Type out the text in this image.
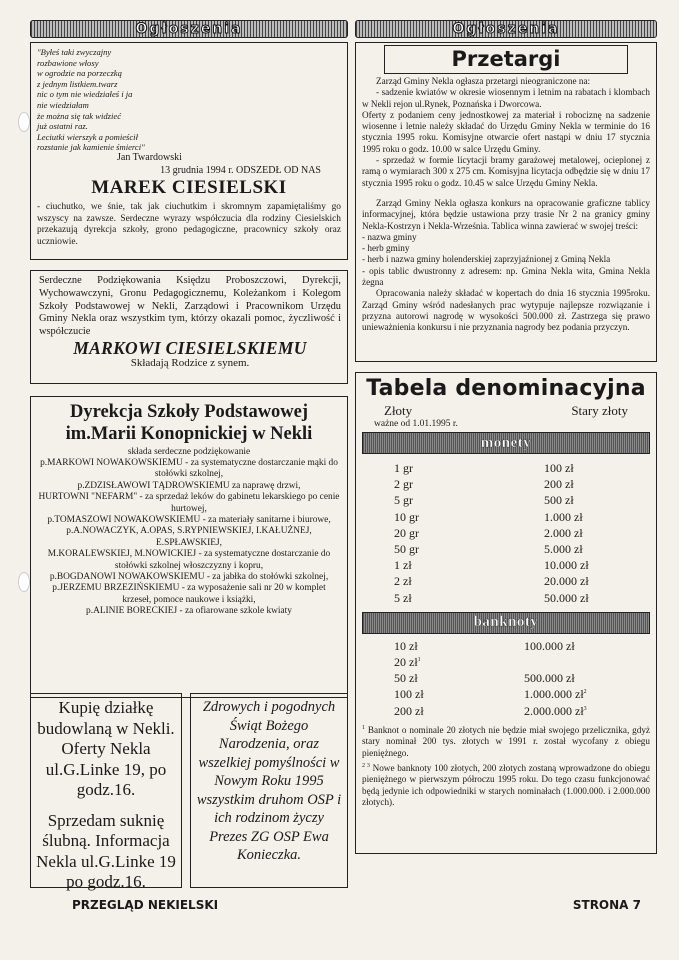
Ogłoszenia
"Byłeś taki zwyczajny
rozbawione włosy
w ogrodzie na porzeczką
z jednym listkiem.twarz
nic o tym nie wiedziałeś i ja
nie wiedziałam
że można się tak widzieć
już ostatni raz.
Leciutki wierszyk a pomieścił
rozstanie jak kamienie śmierci"
Jan Twardowski
13 grudnia 1994 r. ODSZEDŁ OD NAS
MAREK CIESIELSKI
- ciuchutko, we śnie, tak jak ciuchutkim i skromnym zapamiętaliśmy go wszyscy na zawsze. Serdeczne wyrazy współczucia dla rodziny Ciesielskich przekazują dyrekcja szkoły, grono pedagogiczne, pracownicy szkoły oraz uczniowie.
Serdeczne Podziękowania Księdzu Proboszczowi, Dyrekcji, Wychowawczyni, Gronu Pedagogicznemu, Koleżankom i Kolegom Szkoły Podstawowej w Nekli, Zarządowi i Pracownikom Urzędu Gminy Nekla oraz wszystkim tym, którzy okazali pomoc, życzliwość i współczucie
MARKOWI CIESIELSKIEMU
Składają Rodzice z synem.
Dyrekcja Szkoły Podstawowej
im.Marii Konopnickiej w Nekli
składa serdeczne podziękowanie
p.MARKOWI NOWAKOWSKIEMU - za systematyczne dostarczanie mąki do stołówki szkolnej,
p.ZDZISŁAWOWI TĄDROWSKIEMU za naprawę drzwi,
HURTOWNI "NEFARM" - za sprzedaż leków do gabinetu lekarskiego po cenie hurtowej,
p.TOMASZOWI NOWAKOWSKIEMU - za materiały sanitarne i biurowe,
p.A.NOWACZYK, A.OPAS, S.RYPNIEWSKIEJ, I.KAŁUŻNEJ, E.SPŁAWSKIEJ,
M.KORALEWSKIEJ, M.NOWICKIEJ - za systematyczne dostarczanie do stołówki szkolnej włoszczyzny i kopru,
p.BOGDANOWI NOWAKOWSKIEMU - za jabłka do stołówki szkolnej,
p.JERZEMU BRZEZIŃSKIEMU - za wyposażenie sali nr 20 w komplet krzeseł, pomoce naukowe i książki,
p.ALINIE BORECKIEJ - za ofiarowane szkole kwiaty

Kupię działkę budowlaną w Nekli. Oferty Nekla ul.G.Linke 19, po godz.16.

Sprzedam suknię ślubną. Informacja Nekla ul.G.Linke 19 po godz.16.

Zdrowych i pogodnych Świąt Bożego Narodzenia, oraz wszelkiej pomyślności w Nowym Roku 1995 wszystkim druhom OSP i ich rodzinom życzy Prezes ZG OSP Ewa Konieczka.

Ogłoszenia
Przetargi

Zarząd Gminy Nekla ogłasza przetargi nieograniczone na:

- sadzenie kwiatów w okresie wiosennym i letnim na rabatach i klombach w Nekli rejon ul.Rynek, Poznańska i Dworcowa.

Oferty z podaniem ceny jednostkowej za materiał i robociznę na sadzenie wiosenne i letnie należy składać do Urzędu Gminy Nekla w terminie do 16 stycznia 1995 roku. Komisyjne otwarcie ofert nastąpi w dniu 17 stycznia 1995 roku o godz. 10.00 w salce Urzędu Gminy.

- sprzedaż w formie licytacji bramy garażowej metalowej, ocieplonej z ramą o wymiarach 300 x 275 cm. Komisyjna licytacja odbędzie się w dniu 17 stycznia 1995 roku o godz. 10.45 w salce Urzędu Gminy Nekla.

Zarząd Gminy Nekla ogłasza konkurs na opracowanie graficzne tablicy informacyjnej, która będzie ustawiona przy trasie Nr 2 na granicy gminy Nekla-Kostrzyn i Nekla-Września. Tablica winna zawierać w swojej treści:

- nazwa gminy

- herb gminy

- herb i nazwa gminy holenderskiej zaprzyjaźnionej z Gminą Nekla

- opis tablic dwustronny z adresem: np. Gmina Nekla wita, Gmina Nekla żegna

Opracowania należy składać w kopertach do dnia 16 stycznia 1995roku. Zarząd Gminy wśród nadesłanych prac wytypuje najlepsze rozwiązanie i przyzna autorowi nagrodę w wysokości 500.000 zł. Zastrzega się prawo unieważnienia konkursu i nie przyznania nagrody bez podania przyczyn.

Tabela denominacyjna
Złoty	Stary złoty
ważne od 1.01.1995 r.
monety
1 gr	100 zł
2 gr	200 zł
5 gr	500 zł
10 gr	1.000 zł
20 gr	2.000 zł
50 gr	5.000 zł
1 zł	10.000 zł
2 zł	20.000 zł
5 zł	50.000 zł
banknoty
10 zł	100.000 zł
20 $zł^1$
50 zł	500.000 zł
100 zł	1.000.000 $zł^2$
200 zł	2.000.000 $zł^3$

$^1$ Banknot o nominale 20 złotych nie będzie miał swojego przelicznika, gdyż stary nominał 200 tys. złotych w 1991 r. został wycofany z obiegu pieniężnego.

$^{2 3}$ Nowe banknoty 100 złotych, 200 złotych zostaną wprowadzone do obiegu pieniężnego w pierwszym półroczu 1995 roku. Do tego czasu funkcjonować będą jedynie ich odpowiedniki w starych nominałach (1.000.000. i 2.000.000 złotych).

PRZEGLĄD NEKIELSKI	STRONA 7
